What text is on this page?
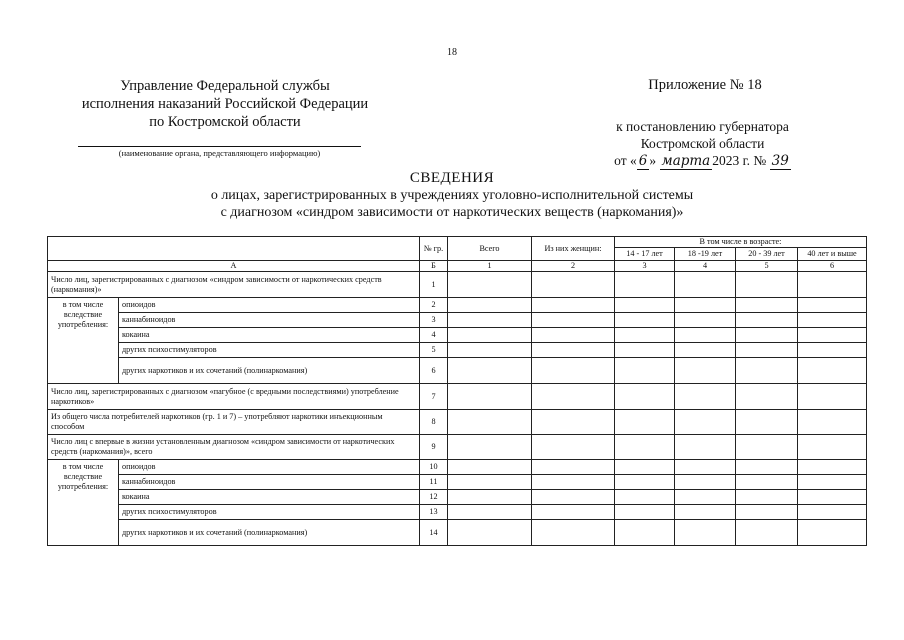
18
Управление Федеральной службы
исполнения наказаний Российской Федерации
по Костромской области
(наименование органа, представляющего информацию)
Приложение № 18
к постановлению губернатора
Костромской области
от « 6 » марта 2023 г. № 39
СВЕДЕНИЯ
о лицах, зарегистрированных в учреждениях уголовно-исполнительной системы
с диагнозом «синдром зависимости от наркотических веществ (наркомания)»
		№ гр.	Всего	Из них женщин:	В том числе в возрасте:			
					14 - 17 лет	18 -19 лет	20 - 39 лет	40 лет и выше
А		Б	1	2	3	4	5	6
Число лиц, зарегистрированных с диагнозом «синдром зависимости от наркотических средств (наркомания)»		1						
в том числе вследствие употребления:	опиоидов	2						
	каннабиноидов	3						
	кокаина	4						
	других психостимуляторов	5						
	других наркотиков и их сочетаний (полинаркомания)	6						
Число лиц, зарегистрированных с диагнозом «пагубное (с вредными последствиями) употребление наркотиков»		7						
Из общего числа потребителей наркотиков (гр. 1 и 7) – употребляют наркотики инъекционным способом		8						
Число лиц с впервые в жизни установленным диагнозом «синдром зависимости от наркотических средств (наркомания)», всего		9						
в том числе вследствие употребления:	опиоидов	10						
	каннабиноидов	11						
	кокаина	12						
	других психостимуляторов	13						
	других наркотиков и их сочетаний (полинаркомания)	14						
